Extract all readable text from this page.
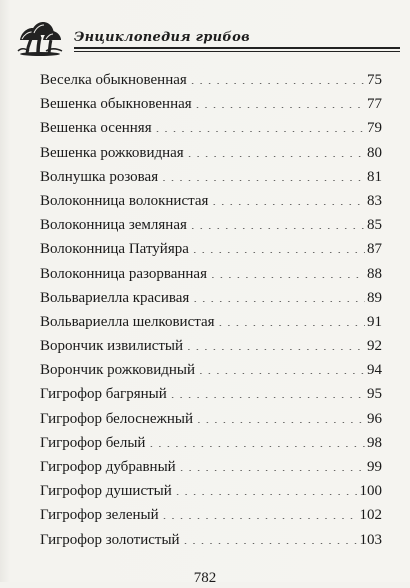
Энциклопедия грибов
Веселка обыкновенная . . .	75
Вешенка обыкновенная . . .	77
Вешенка осенняя . . .	79
Вешенка рожковидная . . .	80
Волнушка розовая . . .	81
Волоконница волокнистая . . .	83
Волоконница земляная . . .	85
Волоконница Патуйяра . . .	87
Волоконница разорванная . . .	88
Вольвариелла красивая . . .	89
Вольвариелла шелковистая . . .	91
Ворончик извилистый . . .	92
Ворончик рожковидный . . .	94
Гигрофор багряный . . .	95
Гигрофор белоснежный . . .	96
Гигрофор белый . . .	98
Гигрофор дубравный . . .	99
Гигрофор душистый . . .	100
Гигрофор зеленый . . .	102
Гигрофор золотистый . . .	103
782
